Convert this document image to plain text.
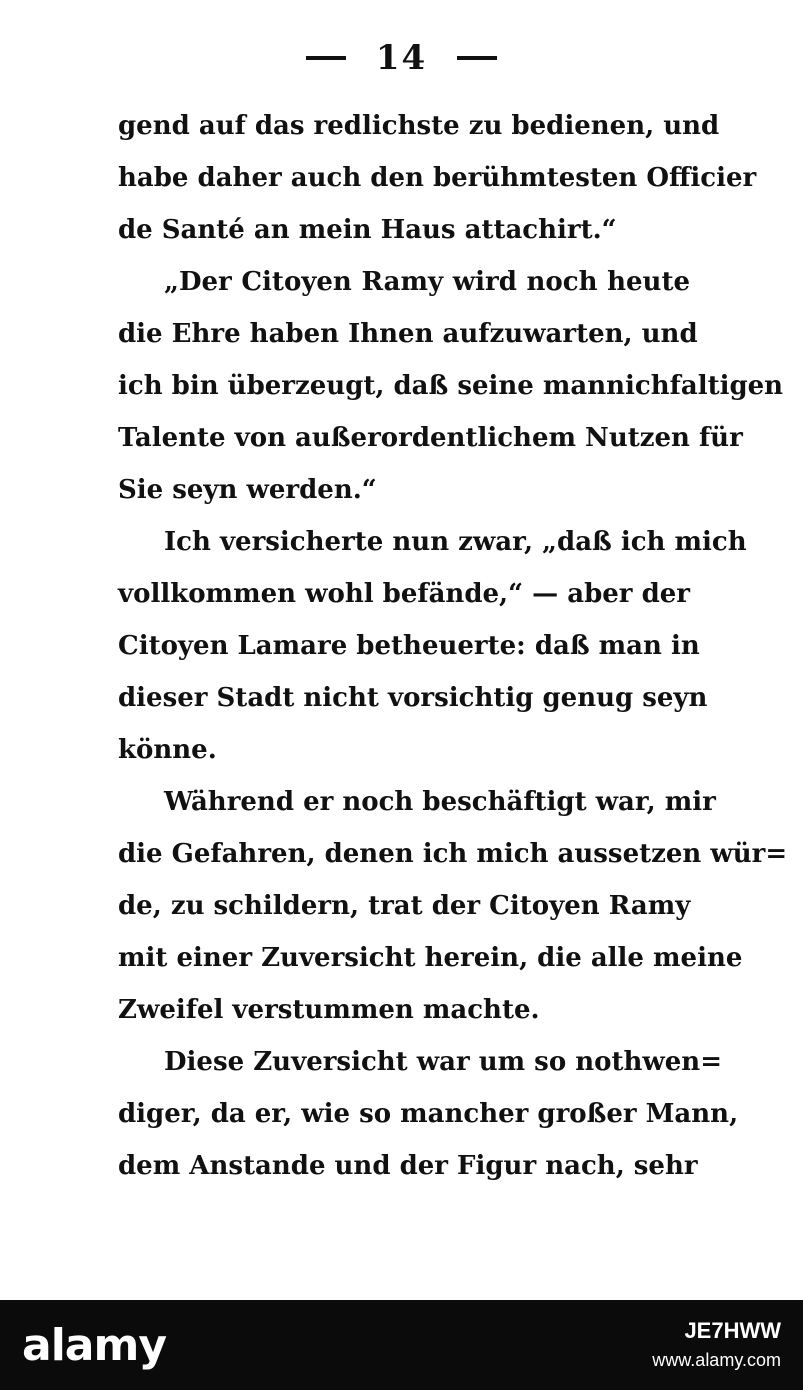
14
gend auf das redlichste zu bedienen, und
habe daher auch den berühmtesten Officier
de Santé an mein Haus attachirt.“
„Der Citoyen Ramy wird noch heute
die Ehre haben Ihnen aufzuwarten, und
ich bin überzeugt, daß seine mannichfaltigen
Talente von außerordentlichem Nutzen für
Sie seyn werden.“
Ich versicherte nun zwar, „daß ich mich
vollkommen wohl befände,“ — aber der
Citoyen Lamare betheuerte: daß man in
dieser Stadt nicht vorsichtig genug seyn
könne.
Während er noch beschäftigt war, mir
die Gefahren, denen ich mich aussetzen wür=
de, zu schildern, trat der Citoyen Ramy
mit einer Zuversicht herein, die alle meine
Zweifel verstummen machte.
Diese Zuversicht war um so nothwen=
diger, da er, wie so mancher großer Mann,
dem Anstande und der Figur nach, sehr
alamy	JE7HWW
www.alamy.com
